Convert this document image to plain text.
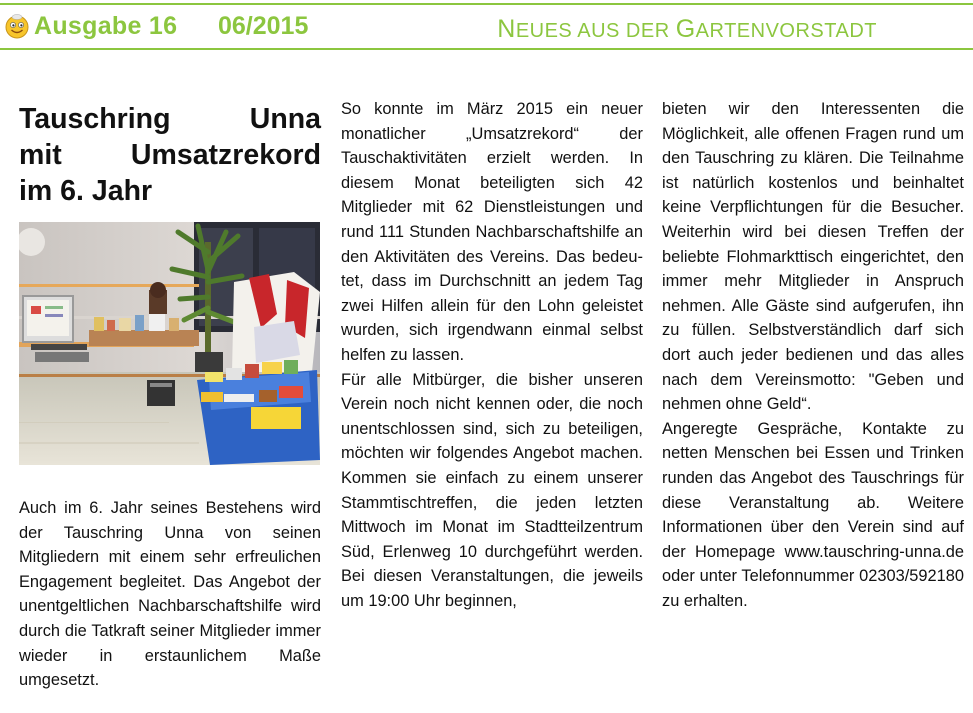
Ausgabe 16 06/2015	NEUES AUS DER GARTENVORSTADT
Tauschring Unna
mit Umsatzrekord
im 6. Jahr

Auch im 6. Jahr seines Bestehens wird der Tauschring Unna von seinen Mitgliedern mit einem sehr erfreulichen Engagement begleitet. Das Angebot der unentgeltlichen Nachbarschaftshilfe wird durch die Tatkraft seiner Mitglieder immer wieder in erstaunlichem Maße umgesetzt.

So konnte im März 2015 ein neuer monatlicher „Umsatzrekord“ der Tauschaktivitäten erzielt werden. In diesem Monat beteiligten sich 42 Mitglieder mit 62 Dienstleistungen und rund 111 Stunden Nachbarschaftshilfe an den Aktivitäten des Vereins. Das bedeutet, dass im Durchschnitt an jedem Tag zwei Hilfen allein für den Lohn geleistet wurden, sich irgendwann einmal selbst helfen zu lassen.

Für alle Mitbürger, die bisher unseren Verein noch nicht kennen oder, die noch unentschlossen sind, sich zu beteiligen, möchten wir folgendes Angebot machen. Kommen sie einfach zu einem unserer Stammtischtreffen, die jeden letzten Mittwoch im Monat im Stadtteilzentrum Süd, Erlenweg 10 durchgeführt werden. Bei diesen Veranstaltungen, die jeweils um 19:00 Uhr beginnen,

bieten wir den Interessenten die Möglichkeit, alle offenen Fragen rund um den Tauschring zu klären. Die Teilnahme ist natürlich kostenlos und beinhaltet keine Verpflichtungen für die Besucher. Weiterhin wird bei diesen Treffen der beliebte Flohmarkttisch eingerichtet, den immer mehr Mitglieder in Anspruch nehmen. Alle Gäste sind aufgerufen, ihn zu füllen. Selbstverständlich darf sich dort auch jeder bedienen und das alles nach dem Vereinsmotto: "Geben und nehmen ohne Geld“.

Angeregte Gespräche, Kontakte zu netten Menschen bei Essen und Trinken runden das Angebot des Tauschrings für diese Veranstaltung ab. Weitere Informationen über den Verein sind auf der Homepage www.tauschring-unna.de oder unter Telefonnummer 02303/592180 zu erhalten.
